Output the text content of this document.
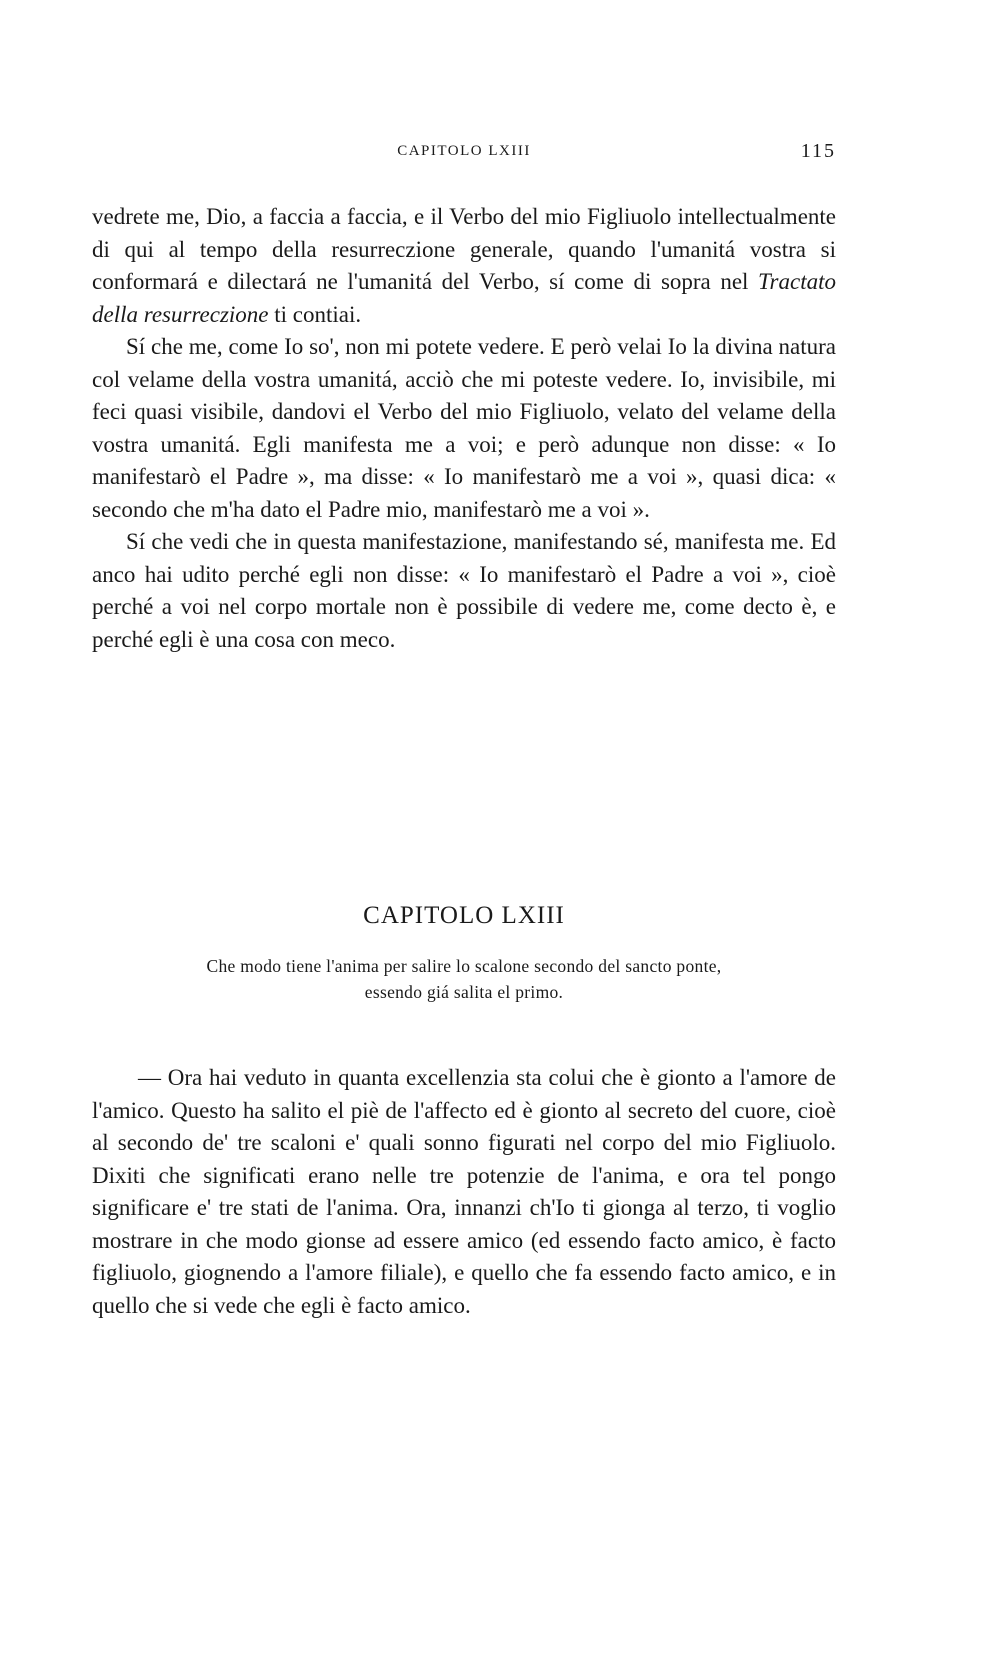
CAPITOLO LXIII	115

vedrete me, Dio, a faccia a faccia, e il Verbo del mio Figliuolo intellectualmente di qui al tempo della resurreczione generale, quando l'umanitá vostra si conformará e dilectará ne l'umanitá del Verbo, sí come di sopra nel Tractato della resurreczione ti contiai.

Sí che me, come Io so', non mi potete vedere. E però velai Io la divina natura col velame della vostra umanitá, acciò che mi poteste vedere. Io, invisibile, mi feci quasi visibile, dandovi el Verbo del mio Figliuolo, velato del velame della vostra umanitá. Egli manifesta me a voi; e però adunque non disse: « Io manifestarò el Padre », ma disse: « Io manifestarò me a voi », quasi dica: « secondo che m'ha dato el Padre mio, manifestarò me a voi ».

Sí che vedi che in questa manifestazione, manifestando sé, manifesta me. Ed anco hai udito perché egli non disse: « Io manifestarò el Padre a voi », cioè perché a voi nel corpo mortale non è possibile di vedere me, come decto è, e perché egli è una cosa con meco.

CAPITOLO LXIII
Che modo tiene l'anima per salire lo scalone secondo del sancto ponte,
essendo giá salita el primo.

— Ora hai veduto in quanta excellenzia sta colui che è gionto a l'amore de l'amico. Questo ha salito el piè de l'affecto ed è gionto al secreto del cuore, cioè al secondo de' tre scaloni e' quali sonno figurati nel corpo del mio Figliuolo. Dixiti che significati erano nelle tre potenzie de l'anima, e ora tel pongo significare e' tre stati de l'anima. Ora, innanzi ch'Io ti gionga al terzo, ti voglio mostrare in che modo gionse ad essere amico (ed essendo facto amico, è facto figliuolo, giognendo a l'amore filiale), e quello che fa essendo facto amico, e in quello che si vede che egli è facto amico.
